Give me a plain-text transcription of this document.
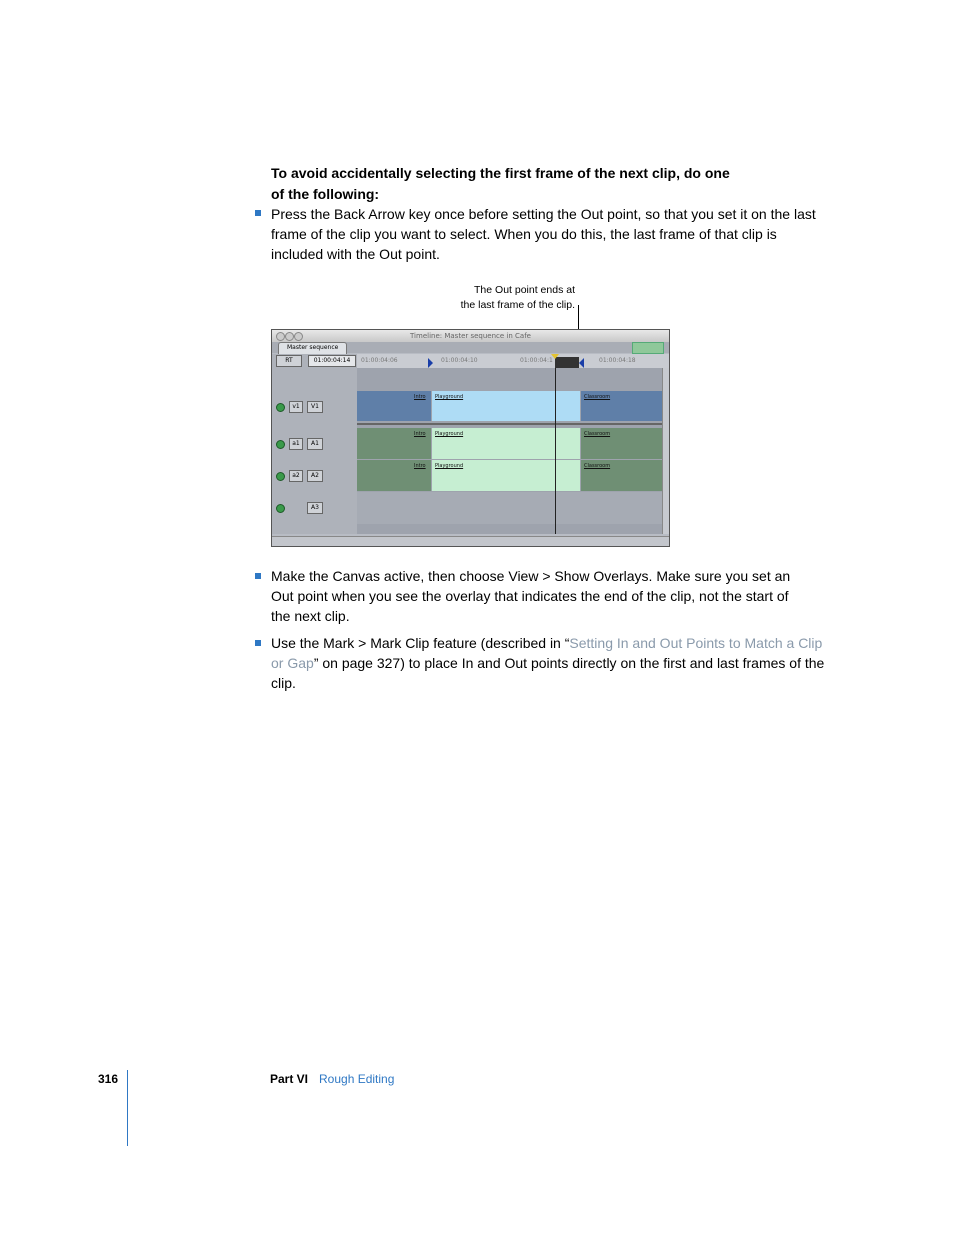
To avoid accidentally selecting the first frame of the next clip, do one of the following:
Press the Back Arrow key once before setting the Out point, so that you set it on the last frame of the clip you want to select. When you do this, the last frame of that clip is included with the Out point.
The Out point ends at
the last frame of the clip.
Timeline: Master sequence in Cafe
Master sequence
RT	01:00:04:14	01:00:04:06	01:00:04:10	01:00:04:1	01:00:04:18
Intro Playground	Classroom
Intro Playground	Classroom
Intro Playground	Classroom
v1	V1
a1	A1
a2	A2
A3
Make the Canvas active, then choose View > Show Overlays. Make sure you set an Out point when you see the overlay that indicates the end of the clip, not the start of the next clip.
Use the Mark > Mark Clip feature (described in “Setting In and Out Points to Match a Clip or Gap” on page 327) to place In and Out points directly on the first and last frames of the clip.
316	Part VI Rough Editing
